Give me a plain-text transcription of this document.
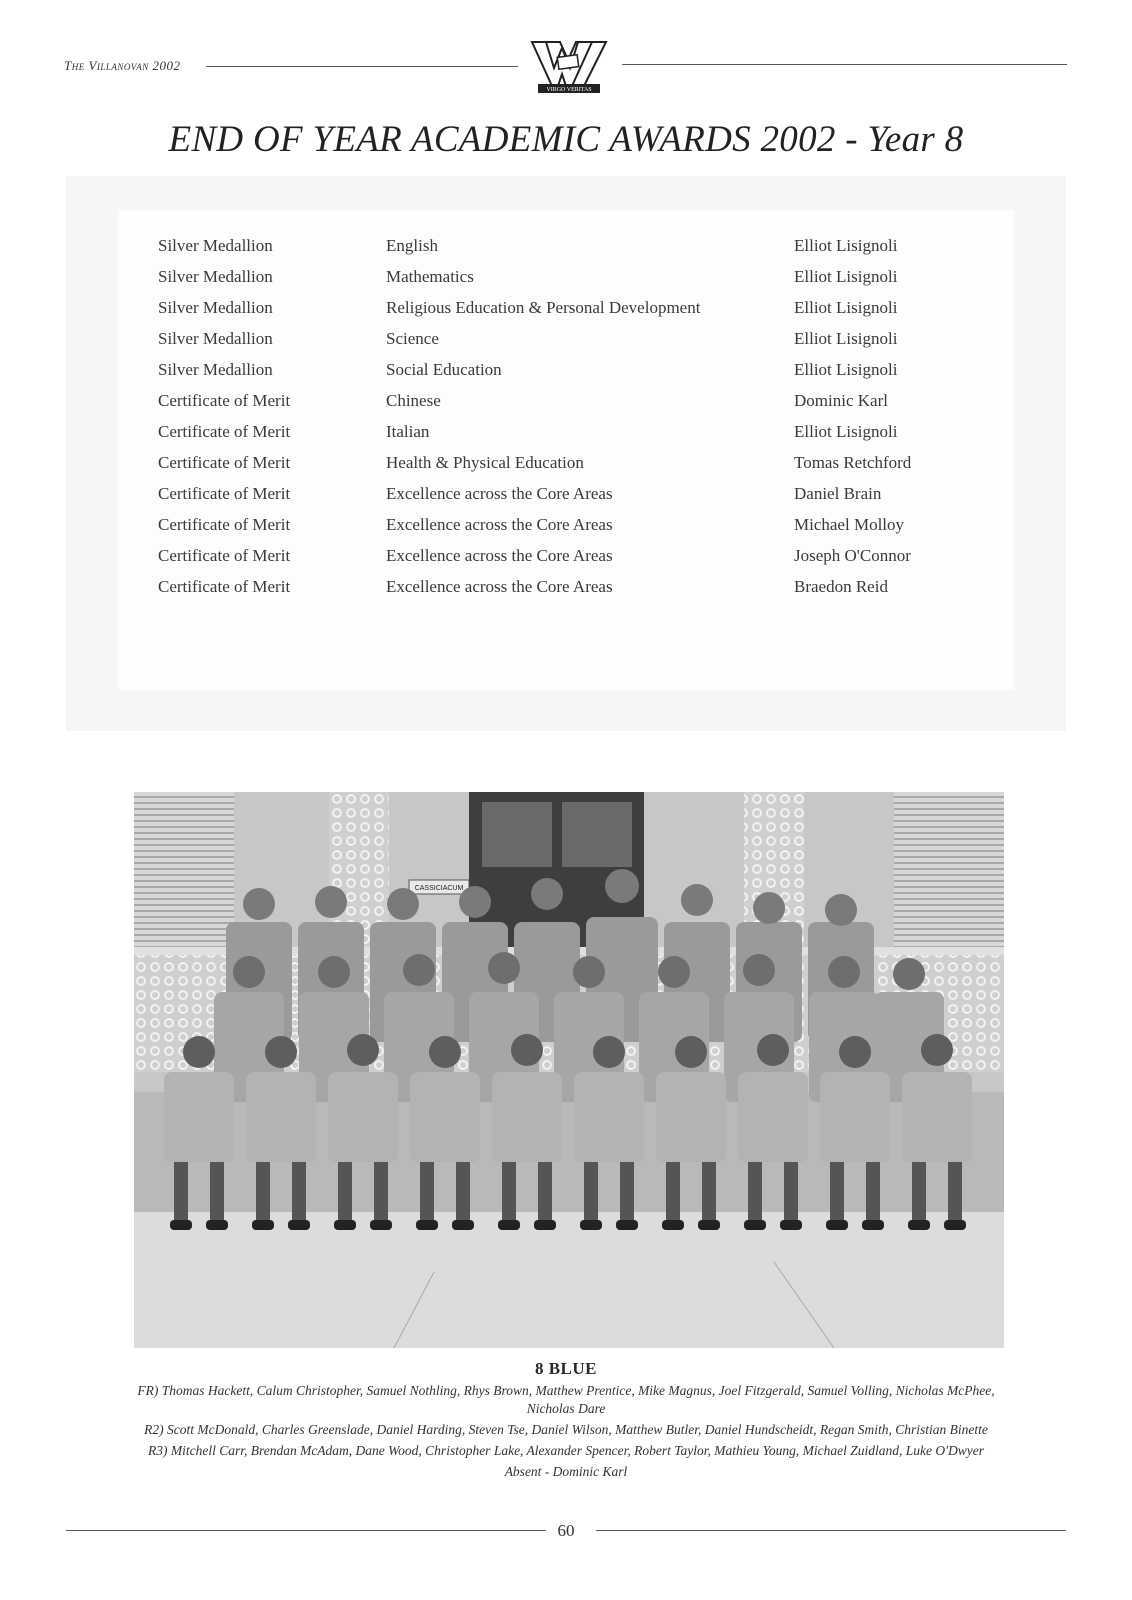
The Villanovan 2002
VIRGO VERITAS
END OF YEAR ACADEMIC AWARDS 2002 - Year 8
Silver Medallion	English	Elliot Lisignoli
Silver Medallion	Mathematics	Elliot Lisignoli
Silver Medallion	Religious Education & Personal Development	Elliot Lisignoli
Silver Medallion	Science	Elliot Lisignoli
Silver Medallion	Social Education	Elliot Lisignoli
Certificate of Merit	Chinese	Dominic Karl
Certificate of Merit	Italian	Elliot Lisignoli
Certificate of Merit	Health & Physical Education	Tomas Retchford
Certificate of Merit	Excellence across the Core Areas	Daniel Brain
Certificate of Merit	Excellence across the Core Areas	Michael Molloy
Certificate of Merit	Excellence across the Core Areas	Joseph O'Connor
Certificate of Merit	Excellence across the Core Areas	Braedon Reid
CASSICIACUM
8 BLUE
FR) Thomas Hackett, Calum Christopher, Samuel Nothling, Rhys Brown, Matthew Prentice, Mike Magnus, Joel Fitzgerald, Samuel Volling, Nicholas McPhee,
Nicholas Dare
R2) Scott McDonald, Charles Greenslade, Daniel Harding, Steven Tse, Daniel Wilson, Matthew Butler, Daniel Hundscheidt, Regan Smith, Christian Binette
R3) Mitchell Carr, Brendan McAdam, Dane Wood, Christopher Lake, Alexander Spencer, Robert Taylor, Mathieu Young, Michael Zuidland, Luke O'Dwyer
Absent - Dominic Karl
60
